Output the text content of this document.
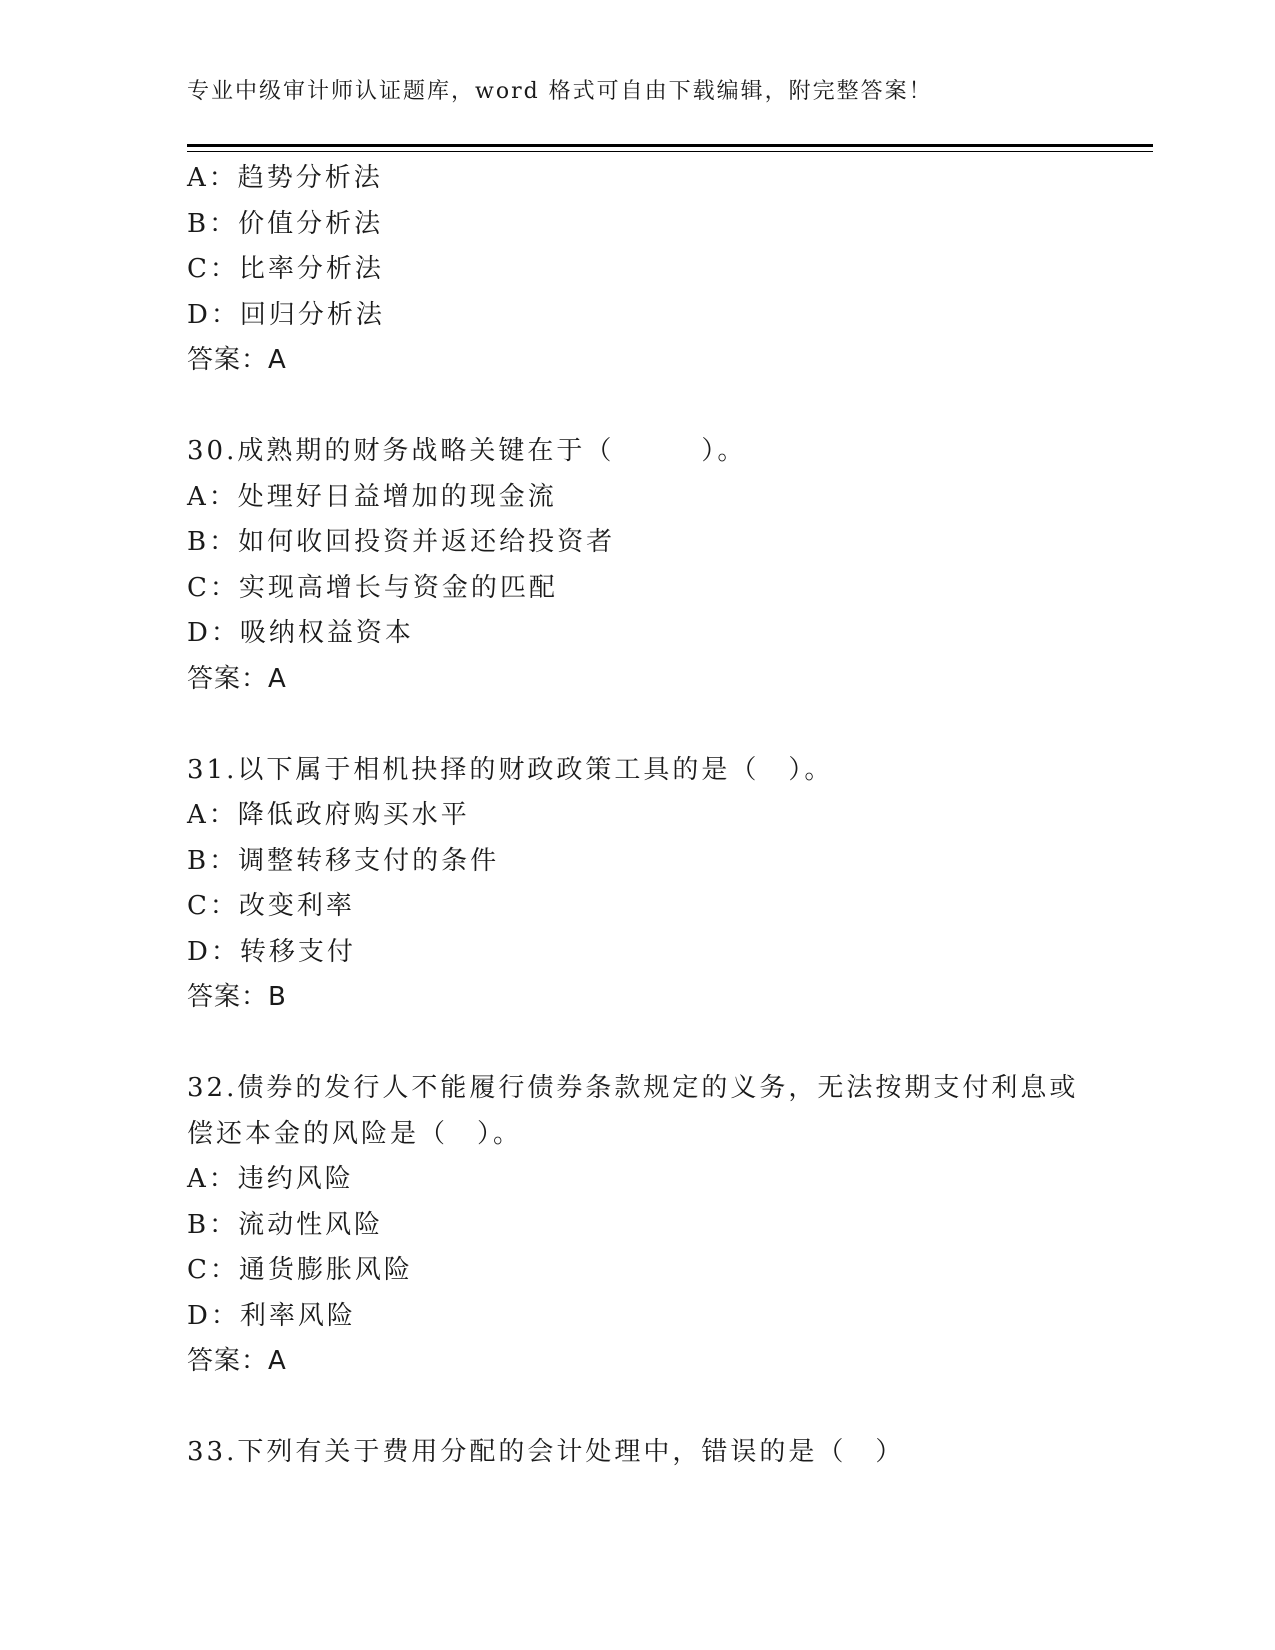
专业中级审计师认证题库，word 格式可自由下载编辑，附完整答案！
A：趋势分析法
B：价值分析法
C：比率分析法
D：回归分析法
答案：A
30.成熟期的财务战略关键在于（　　　）。
A：处理好日益增加的现金流
B：如何收回投资并返还给投资者
C：实现高增长与资金的匹配
D：吸纳权益资本
答案：A
31.以下属于相机抉择的财政政策工具的是（　）。
A：降低政府购买水平
B：调整转移支付的条件
C：改变利率
D：转移支付
答案：B
32.债券的发行人不能履行债券条款规定的义务，无法按期支付利息或
偿还本金的风险是（　）。
A：违约风险
B：流动性风险
C：通货膨胀风险
D：利率风险
答案：A
33.下列有关于费用分配的会计处理中，错误的是（　）
